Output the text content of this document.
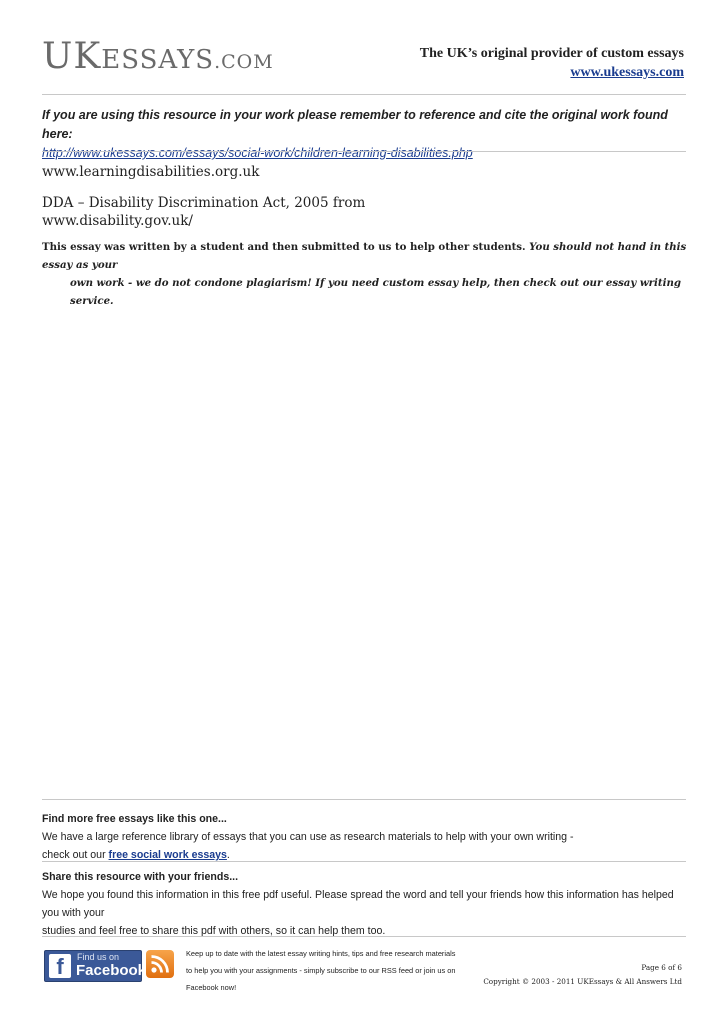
UKESSAYS.COM	The UK’s original provider of custom essays
www.ukessays.com
If you are using this resource in your work please remember to reference and cite the original work found here:
http://www.ukessays.com/essays/social-work/children-learning-disabilities.php
www.learningdisabilities.org.uk
DDA – Disability Discrimination Act, 2005 from
www.disability.gov.uk/
This essay was written by a student and then submitted to us to help other students. You should not hand in this essay as your
own work - we do not condone plagiarism! If you need custom essay help, then check out our essay writing service.
Find more free essays like this one...
We have a large reference library of essays that you can use as research materials to help with your own writing -
check out our free social work essays.
Share this resource with your friends...
We hope you found this information in this free pdf useful. Please spread the word and tell your friends how this information has helped you with your
studies and feel free to share this pdf with others, so it can help them too.
f	Find us on
Facebook
Keep up to date with the latest essay writing hints, tips and free research materials
to help you with your assignments - simply subscribe to our RSS feed or join us on
Facebook now!
Page 6 of 6
Copyright © 2003 - 2011 UKEssays & All Answers Ltd
